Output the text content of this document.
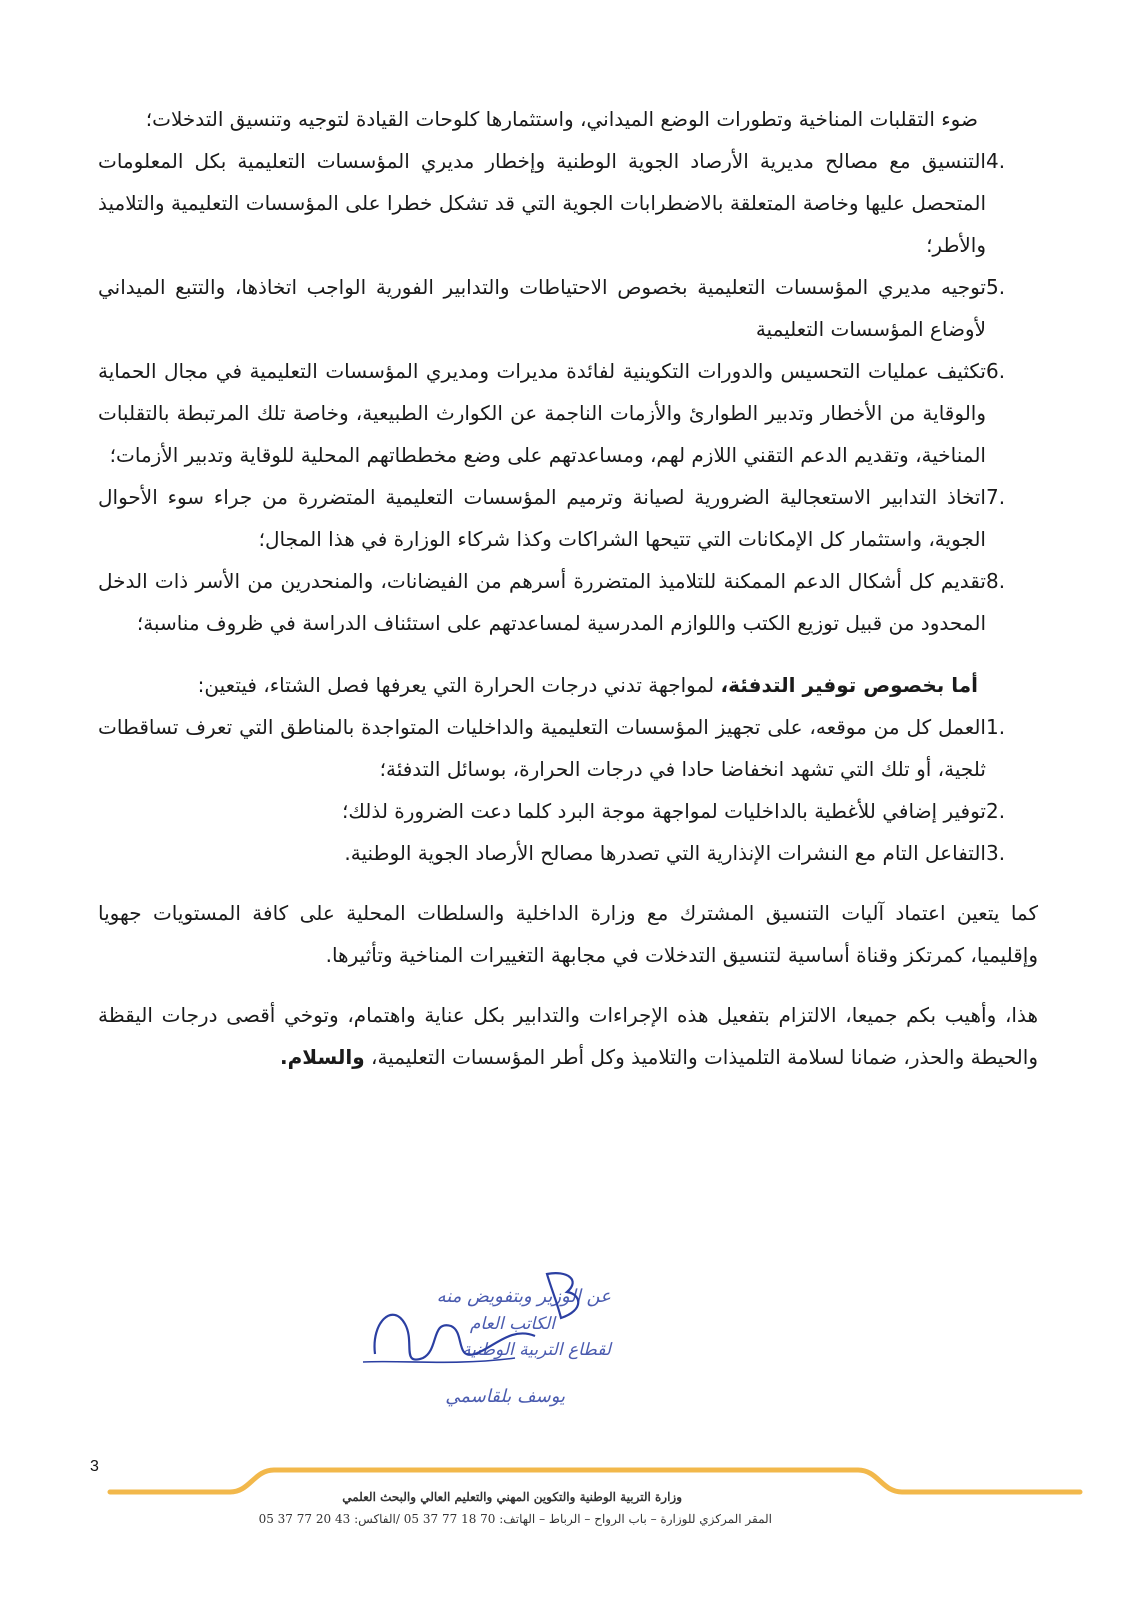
ضوء التقلبات المناخية وتطورات الوضع الميداني، واستثمارها كلوحات القيادة لتوجيه وتنسيق التدخلات؛

4.
التنسيق مع مصالح مديرية الأرصاد الجوية الوطنية وإخطار مديري المؤسسات التعليمية بكل المعلومات المتحصل عليها وخاصة المتعلقة بالاضطرابات الجوية التي قد تشكل خطرا على المؤسسات التعليمية والتلاميذ والأطر؛

5.
توجيه مديري المؤسسات التعليمية بخصوص الاحتياطات والتدابير الفورية الواجب اتخاذها، والتتبع الميداني لأوضاع المؤسسات التعليمية

6.
تكثيف عمليات التحسيس والدورات التكوينية لفائدة مديرات ومديري المؤسسات التعليمية في مجال الحماية والوقاية من الأخطار وتدبير الطوارئ والأزمات الناجمة عن الكوارث الطبيعية، وخاصة تلك المرتبطة بالتقلبات المناخية، وتقديم الدعم التقني اللازم لهم، ومساعدتهم على وضع مخططاتهم المحلية للوقاية وتدبير الأزمات؛

7.
اتخاذ التدابير الاستعجالية الضرورية لصيانة وترميم المؤسسات التعليمية المتضررة من جراء سوء الأحوال الجوية، واستثمار كل الإمكانات التي تتيحها الشراكات وكذا شركاء الوزارة في هذا المجال؛

8.
تقديم كل أشكال الدعم الممكنة للتلاميذ المتضررة أسرهم من الفيضانات، والمنحدرين من الأسر ذات الدخل المحدود من قبيل توزيع الكتب واللوازم المدرسية لمساعدتهم على استئناف الدراسة في ظروف مناسبة؛

أما بخصوص توفير التدفئة، لمواجهة تدني درجات الحرارة التي يعرفها فصل الشتاء، فيتعين:

1.
العمل كل من موقعه، على تجهيز المؤسسات التعليمية والداخليات المتواجدة بالمناطق التي تعرف تساقطات ثلجية، أو تلك التي تشهد انخفاضا حادا في درجات الحرارة، بوسائل التدفئة؛

2.
توفير إضافي للأغطية بالداخليات لمواجهة موجة البرد كلما دعت الضرورة لذلك؛

3.
التفاعل التام مع النشرات الإنذارية التي تصدرها مصالح الأرصاد الجوية الوطنية.

كما يتعين اعتماد آليات التنسيق المشترك مع وزارة الداخلية والسلطات المحلية على كافة المستويات جهويا وإقليميا، كمرتكز وقناة أساسية لتنسيق التدخلات في مجابهة التغييرات المناخية وتأثيرها.

هذا، وأهيب بكم جميعا، الالتزام بتفعيل هذه الإجراءات والتدابير بكل عناية واهتمام، وتوخي أقصى درجات اليقظة والحيطة والحذر، ضمانا لسلامة التلميذات والتلاميذ وكل أطر المؤسسات التعليمية، والسلام.

عن الوزير وبتفويض منه
الكاتب العام
لقطاع التربية الوطنية
يوسف بلقاسمي
3
وزارة التربية الوطنية والتكوين المهني والتعليم العالي والبحث العلمي
المقر المركزي للوزارة – باب الرواح – الرباط – الهاتف: 70 18 77 37 05 /الفاكس: 43 20 77 37 05
